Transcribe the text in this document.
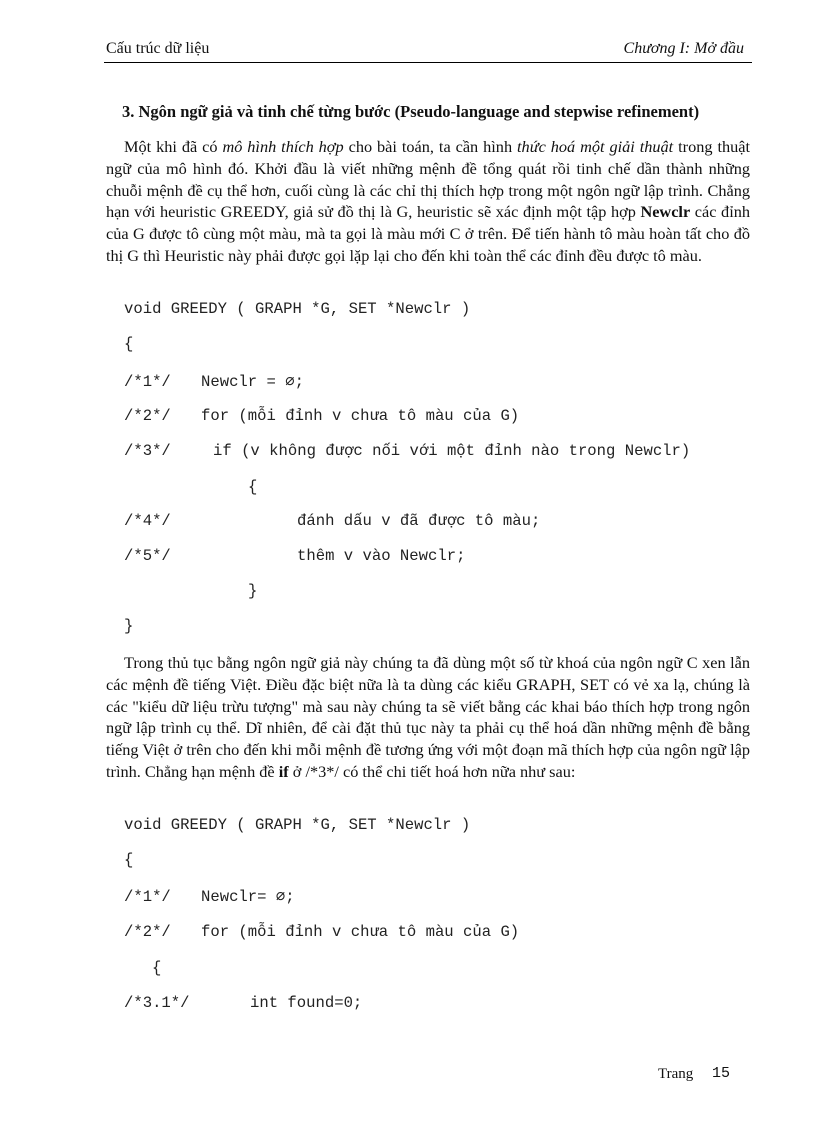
Cấu trúc dữ liệu	Chương I: Mở đầu
3. Ngôn ngữ giả và tinh chế từng bước (Pseudo-language and stepwise refinement)

Một khi đã có mô hình thích hợp cho bài toán, ta cần hình thức hoá một giải thuật trong thuật ngữ của mô hình đó. Khởi đầu là viết những mệnh đề tổng quát rồi tinh chế dần thành những chuỗi mệnh đề cụ thể hơn, cuối cùng là các chỉ thị thích hợp trong một ngôn ngữ lập trình. Chẳng hạn với heuristic GREEDY, giả sử đồ thị là G, heuristic sẽ xác định một tập hợp Newclr các đỉnh của G được tô cùng một màu, mà ta gọi là màu mới C ở trên. Để tiến hành tô màu hoàn tất cho đồ thị G thì Heuristic này phải được gọi lặp lại cho đến khi toàn thể các đỉnh đều được tô màu.

void GREEDY ( GRAPH *G, SET *Newclr )
{
/*1*/ Newclr = ∅;
/*2*/ for (mỗi đỉnh v chưa tô màu của G)
/*3*/	if (v không được nối với một đỉnh nào trong Newclr)
{
/*4*/	đánh dấu v đã được tô màu;
/*5*/	thêm v vào Newclr;
}
}

Trong thủ tục bằng ngôn ngữ giả này chúng ta đã dùng một số từ khoá của ngôn ngữ C xen lẫn các mệnh đề tiếng Việt. Điều đặc biệt nữa là ta dùng các kiểu GRAPH, SET có vẻ xa lạ, chúng là các "kiểu dữ liệu trừu tượng" mà sau này chúng ta sẽ viết bằng các khai báo thích hợp trong ngôn ngữ lập trình cụ thể. Dĩ nhiên, để cài đặt thủ tục này ta phải cụ thể hoá dần những mệnh đề bằng tiếng Việt ở trên cho đến khi mỗi mệnh đề tương ứng với một đoạn mã thích hợp của ngôn ngữ lập trình. Chẳng hạn mệnh đề if ở /*3*/ có thể chi tiết hoá hơn nữa như sau:

void GREEDY ( GRAPH *G, SET *Newclr )
{
/*1*/ Newclr= ∅;
/*2*/ for (mỗi đỉnh v chưa tô màu của G)
{
/*3.1*/	int found=0;
Trang 15
